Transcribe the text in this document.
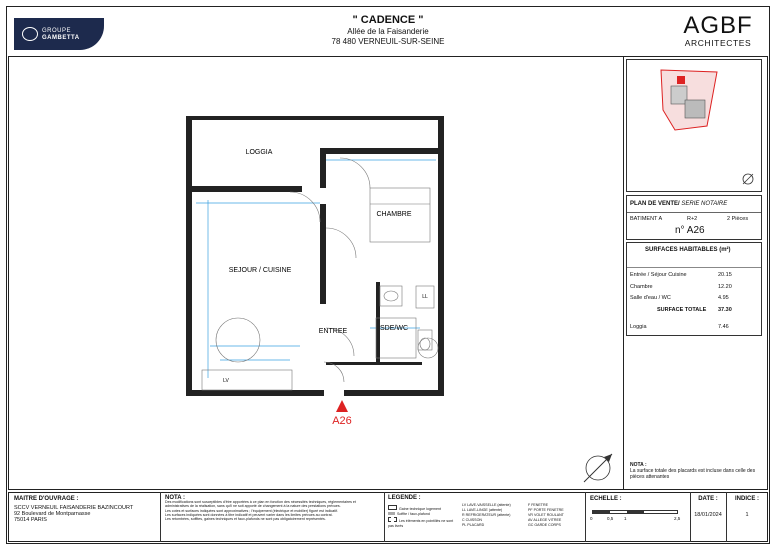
GROUPE
GAMBETTA
" CADENCE "
Allée de la Faisanderie
78 480 VERNEUIL-SUR-SEINE
AGBF
ARCHITECTES
LOGGIA
CHAMBRE
SEJOUR / CUISINE
ENTREE	SDE/WC
LV
LL
A26
PLAN DE VENTE/ SERIE NOTAIRE
BATIMENT A	R+2	2 Pièces
n° A26
SURFACES HABITABLES (m²)
Entrée / Séjour Cuisine	20.15
Chambre	12.20
Salle d'eau / WC	4.95
SURFACE TOTALE 37.30
Loggia	7.46
NOTA :
La surface totale des placards est incluse dans celle des pièces attenantes
MAITRE D'OUVRAGE :
SCCV VERNEUIL FAISANDERIE BAZINCOURT
92 Boulevard de Montparnasse
75014 PARIS
NOTA :
Des modifications sont susceptibles d'être apportées à ce plan en fonction des nécessités techniques, réglementaires et
administratives de la réalisation, sans qu'il ne soit apporté de changement à la nature des prestations prévues.
Les cotes et surfaces indiquées sont approximatives ; l'équipement (électrique et mobilier) figuré est indicatif.
Les surfaces indiquées sont données à titre indicatif et peuvent varier dans les limites prévues au contrat.
Les retombées, soffites, gaines techniques et faux-plafonds ne sont pas obligatoirement représentés.
LEGENDE :
Gaine technique logement
Soffite / faux-plafond
Les éléments en pointillés ne sont pas livrés
LV LAVE-VAISSELLE (attente)
LL LAVE-LINGE (attente)
R REFRIGERATEUR (attente)
C CUISSON
PL PLACARD
F FENETRE
PF PORTE FENETRE
VR VOLET ROULANT
AV ALLEGE VITREE
GC GARDE CORPS
ECHELLE :
0	0,5 1	2,5
DATE :
18/01/2024
INDICE :
1
